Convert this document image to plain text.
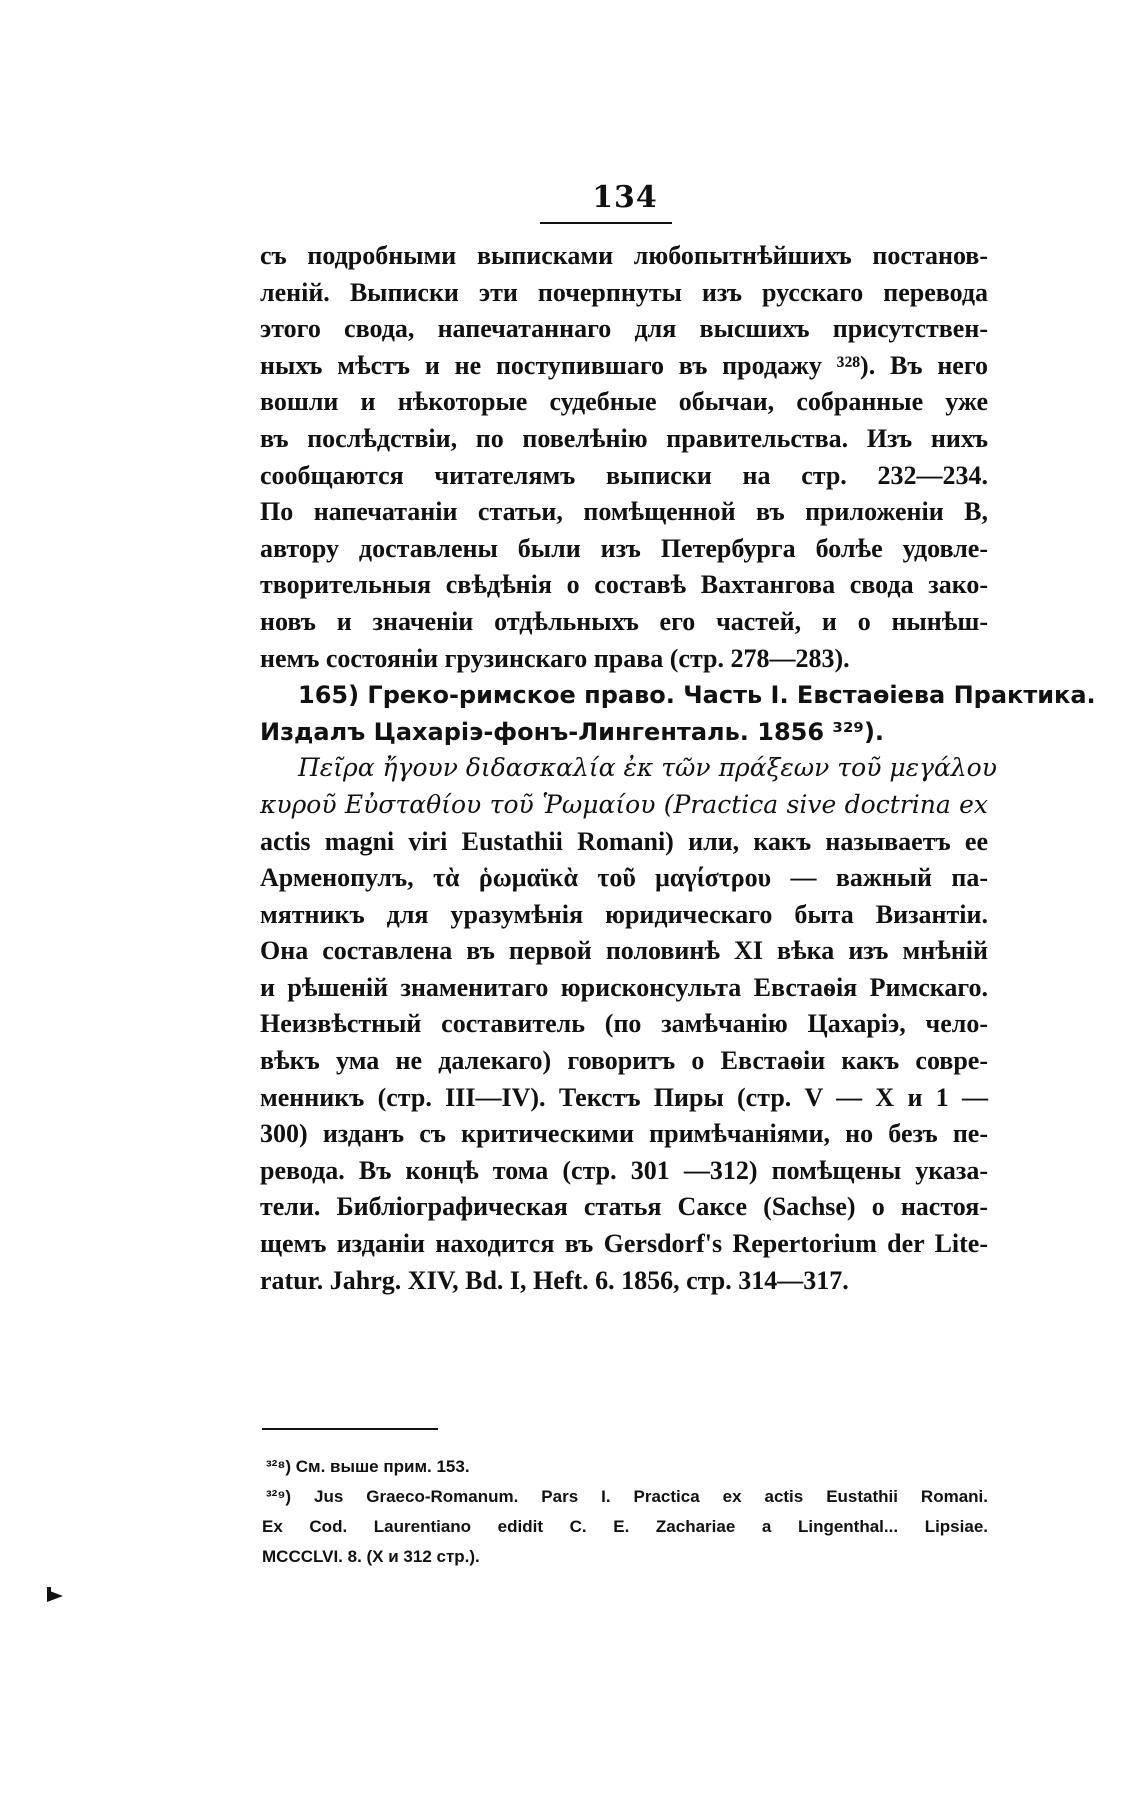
134
съ подробными выписками любопытнѣйшихъ постанов-
леній. Выписки эти почерпнуты изъ русскаго перевода
этого свода, напечатаннаго для высшихъ присутствен-
ныхъ мѣстъ и не поступившаго въ продажу ³²⁸). Въ него
вошли и нѣкоторые судебные обычаи, собранные уже
въ послѣдствіи, по повелѣнію правительства. Изъ нихъ
сообщаются читателямъ выписки на стр. 232—234.
По напечатаніи статьи, помѣщенной въ приложеніи В,
автору доставлены были изъ Петербурга болѣе удовле-
творительныя свѣдѣнія о составѣ Вахтангова свода зако-
новъ и значеніи отдѣльныхъ его частей, и о нынѣш-
немъ состояніи грузинскаго права (стр. 278—283).
165) Греко-римское право. Часть I. Евстаѳіева Практика.
Издалъ Цахаріэ-фонъ-Лингенталь. 1856 ³²⁹).
Πεῖρα ἤγουν διδασκαλία ἐκ τῶν πράξεων τοῦ μεγάλου
κυροῦ Εὐσταθίου τοῦ Ῥωμαίου (Practica sive doctrina ex
actis magni viri Eustathii Romani) или, какъ называетъ ее
Арменопулъ, τὰ ῥωμαϊκὰ τοῦ μαγίστρου — важный па-
мятникъ для уразумѣнія юридическаго быта Византіи.
Она составлена въ первой половинѣ XI вѣка изъ мнѣній
и рѣшеній знаменитаго юрисконсульта Евстаѳія Римскаго.
Неизвѣстный составитель (по замѣчанію Цахаріэ, чело-
вѣкъ ума не далекаго) говоритъ о Евстаѳіи какъ совре-
менникъ (стр. III—IV). Текстъ Пиры (стр. V — X и 1 —
300) изданъ съ критическими примѣчаніями, но безъ пе-
ревода. Въ концѣ тома (стр. 301 —312) помѣщены указа-
тели. Библіографическая статья Саксе (Sachse) о настоя-
щемъ изданіи находится въ Gersdorf's Repertorium der Lite-
ratur. Jahrg. XIV, Bd. I, Heft. 6. 1856, стр. 314—317.
³²⁸) См. выше прим. 153.
³²⁹) Jus Graeco-Romanum. Pars I. Practica ex actis Eustathii Romani.
Ex Cod. Laurentiano edidit C. E. Zachariae a Lingenthal... Lipsiae.
MCCCLVI. 8. (X и 312 стр.).
